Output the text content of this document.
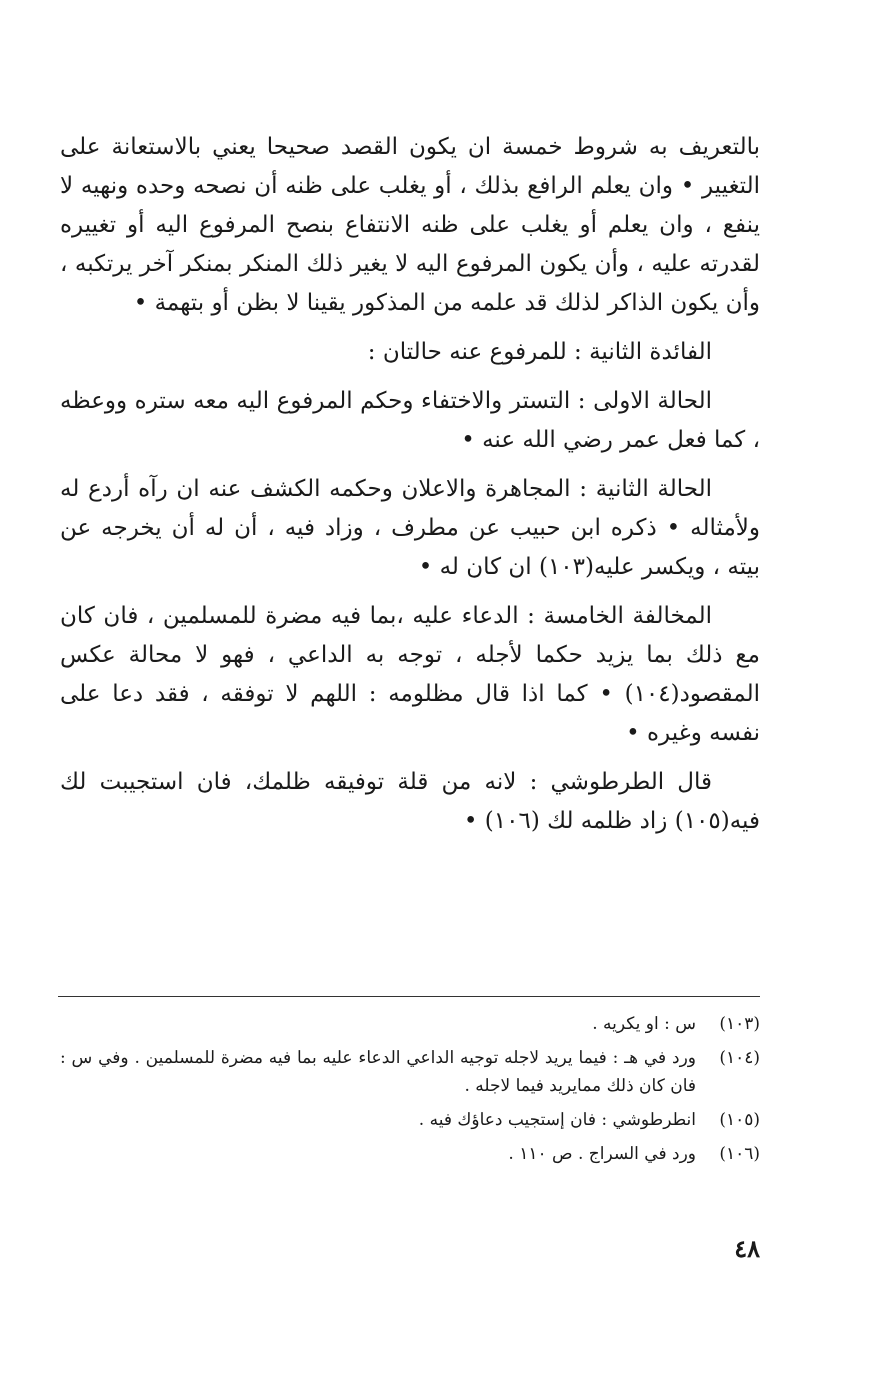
بالتعريف به شروط خمسة ان يكون القصد صحيحا يعني بالاستعانة على التغيير • وان يعلم الرافع بذلك ، أو يغلب على ظنه أن نصحه وحده ونهيه لا ينفع ، وان يعلم أو يغلب على ظنه الانتفاع بنصح المرفوع اليه أو تغييره لقدرته عليه ، وأن يكون المرفوع اليه لا يغير ذلك المنكر بمنكر آخر يرتكبه ، وأن يكون الذاكر لذلك قد علمه من المذكور يقينا لا بظن أو بتهمة •

الفائدة الثانية : للمرفوع عنه حالتان :

الحالة الاولى : التستر والاختفاء وحكم المرفوع اليه معه ستره ووعظه ، كما فعل عمر رضي الله عنه •

الحالة الثانية : المجاهرة والاعلان وحكمه الكشف عنه ان رآه أردع له ولأمثاله • ذكره ابن حبيب عن مطرف ، وزاد فيه ، أن له أن يخرجه عن بيته ، ويكسر عليه(١٠٣) ان كان له •

المخالفة الخامسة : الدعاء عليه ،بما فيه مضرة للمسلمين ، فان كان مع ذلك بما يزيد حكما لأجله ، توجه به الداعي ، فهو لا محالة عكس المقصود(١٠٤) • كما اذا قال مظلومه : اللهم لا توفقه ، فقد دعا على نفسه وغيره •

قال الطرطوشي : لانه من قلة توفيقه ظلمك، فان استجيبت لك فيه(١٠٥) زاد ظلمه لك (١٠٦) •

(١٠٣)
س : او يكريه .
(١٠٤)
ورد في هـ : فيما يريد لاجله توجيه الداعي الدعاء عليه بما فيه مضرة للمسلمين . وفي س : فان كان ذلك ممايريد فيما لاجله .
(١٠٥)
انطرطوشي : فان إستجيب دعاؤك فيه .
(١٠٦)
ورد في السراج . ص ١١٠ .
٤٨
